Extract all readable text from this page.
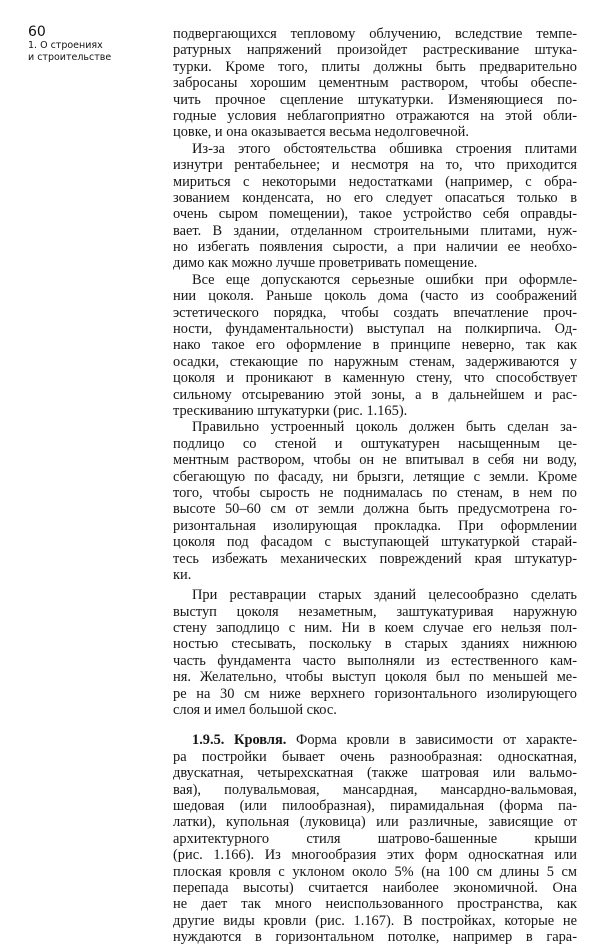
60
1. О строениях
и строительстве

подвергающихся тепловому облучению, вследствие темпе-
ратурных напряжений произойдет растрескивание штука-
турки. Кроме того, плиты должны быть предварительно
забросаны хорошим цементным раствором, чтобы обеспе-
чить прочное сцепление штукатурки. Изменяющиеся по-
годные условия неблагоприятно отражаются на этой обли-
цовке, и она оказывается весьма недолговечной.

Из-за этого обстоятельства обшивка строения плитами
изнутри рентабельнее; и несмотря на то, что приходится
мириться с некоторыми недостатками (например, с обра-
зованием конденсата, но его следует опасаться только в
очень сыром помещении), такое устройство себя оправды-
вает. В здании, отделанном строительными плитами, нуж-
но избегать появления сырости, а при наличии ее необхо-
димо как можно лучше проветривать помещение.

Все еще допускаются серьезные ошибки при оформле-
нии цоколя. Раньше цоколь дома (часто из соображений
эстетического порядка, чтобы создать впечатление проч-
ности, фундаментальности) выступал на полкирпича. Од-
нако такое его оформление в принципе неверно, так как
осадки, стекающие по наружным стенам, задерживаются у
цоколя и проникают в каменную стену, что способствует
сильному отсыреванию этой зоны, а в дальнейшем и рас-
трескиванию штукатурки (рис. 1.165).

Правильно устроенный цоколь должен быть сделан за-
подлицо со стеной и оштукатурен насыщенным це-
ментным раствором, чтобы он не впитывал в себя ни воду,
сбегающую по фасаду, ни брызги, летящие с земли. Кроме
того, чтобы сырость не поднималась по стенам, в нем по
высоте 50–60 см от земли должна быть предусмотрена го-
ризонтальная изолирующая прокладка. При оформлении
цоколя под фасадом с выступающей штукатуркой старай-
тесь избежать механических повреждений края штукатур-
ки.

При реставрации старых зданий целесообразно сделать
выступ цоколя незаметным, заштукатуривая наружную
стену заподлицо с ним. Ни в коем случае его нельзя пол-
ностью стесывать, поскольку в старых зданиях нижнюю
часть фундамента часто выполняли из естественного кам-
ня. Желательно, чтобы выступ цоколя был по меньшей ме-
ре на 30 см ниже верхнего горизонтального изолирующего
слоя и имел большой скос.

1.9.5. Кровля. Форма кровли в зависимости от характе-
ра постройки бывает очень разнообразная: односкатная,
двускатная, четырехскатная (также шатровая или вальмо-
вая), полувальмовая, мансардная, мансардно-вальмовая,
шедовая (или пилообразная), пирамидальная (форма па-
латки), купольная (луковица) или различные, зависящие от
архитектурного стиля шатрово-башенные крыши
(рис. 1.166). Из многообразия этих форм односкатная или
плоская кровля с уклоном около 5% (на 100 см длины 5 см
перепада высоты) считается наиболее экономичной. Она
не дает так много неиспользованного пространства, как
другие виды кровли (рис. 1.167). В постройках, которые не
нуждаются в горизонтальном потолке, например в гара-
